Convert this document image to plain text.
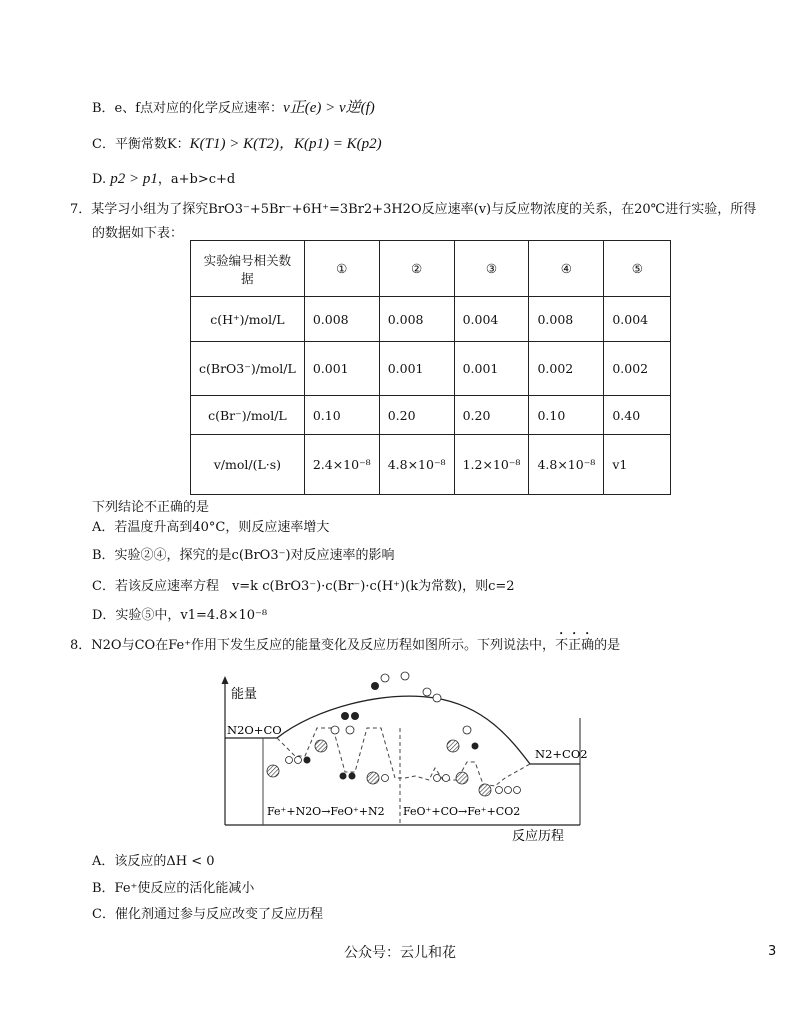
B．e、f点对应的化学反应速率：v正(e) > v逆(f)
C．平衡常数K：K(T1) > K(T2)，K(p1) = K(p2)
D. p2 > p1，a+b>c+d
7．某学习小组为了探究BrO3⁻+5Br⁻+6H⁺=3Br2+3H2O反应速率(v)与反应物浓度的关系，在20℃进行实验，所得
的数据如下表：
实验编号相关数据	①	②	③	④	⑤
c(H⁺)/mol/L	0.008	0.008	0.004	0.008	0.004
c(BrO3⁻)/mol/L	0.001	0.001	0.001	0.002	0.002
c(Br⁻)/mol/L	0.10	0.20	0.20	0.10	0.40
v/mol/(L·s)	2.4×10⁻⁸	4.8×10⁻⁸	1.2×10⁻⁸	4.8×10⁻⁸	v1
下列结论不正确的是
A．若温度升高到40°C，则反应速率增大
B．实验②④，探究的是c(BrO3⁻)对反应速率的影响
C．若该反应速率方程　v=k c(BrO3⁻)·c(Br⁻)·c(H⁺)(k为常数)，则c=2
D．实验⑤中，v1=4.8×10⁻⁸
8．N2O与CO在Fe⁺作用下发生反应的能量变化及反应历程如图所示。下列说法中，不正确的是
能量
反应历程
N2O+CO
N2+CO2
Fe⁺+N2O→FeO⁺+N2 FeO⁺+CO→Fe⁺+CO2
A．该反应的ΔH < 0
B．Fe⁺使反应的活化能减小
C．催化剂通过参与反应改变了反应历程
公众号：云儿和花	3
